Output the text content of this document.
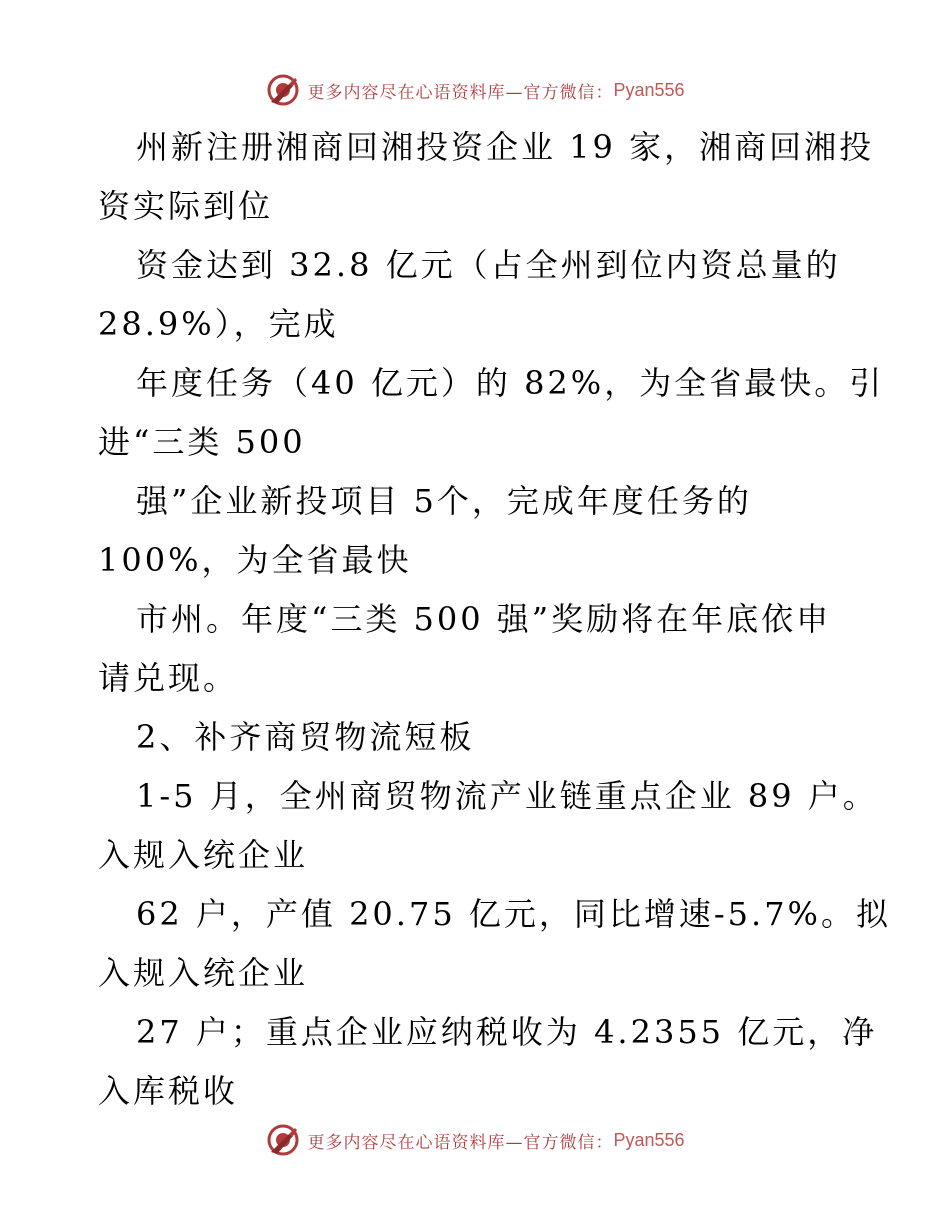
更多内容尽在心语资料库—官方微信： Pyan556
州新注册湘商回湘投资企业 19 家，湘商回湘投
资实际到位
资金达到 32.8 亿元（占全州到位内资总量的
28.9%），完成
年度任务（40 亿元）的 82%，为全省最快。引
进“三类 500
强”企业新投项目 5个，完成年度任务的
100%，为全省最快
市州。年度“三类 500 强”奖励将在年底依申
请兑现。
2、补齐商贸物流短板
1-5 月，全州商贸物流产业链重点企业 89 户。
入规入统企业
62 户，产值 20.75 亿元，同比增速-5.7%。拟
入规入统企业
27 户；重点企业应纳税收为 4.2355 亿元，净
入库税收
更多内容尽在心语资料库—官方微信： Pyan556
